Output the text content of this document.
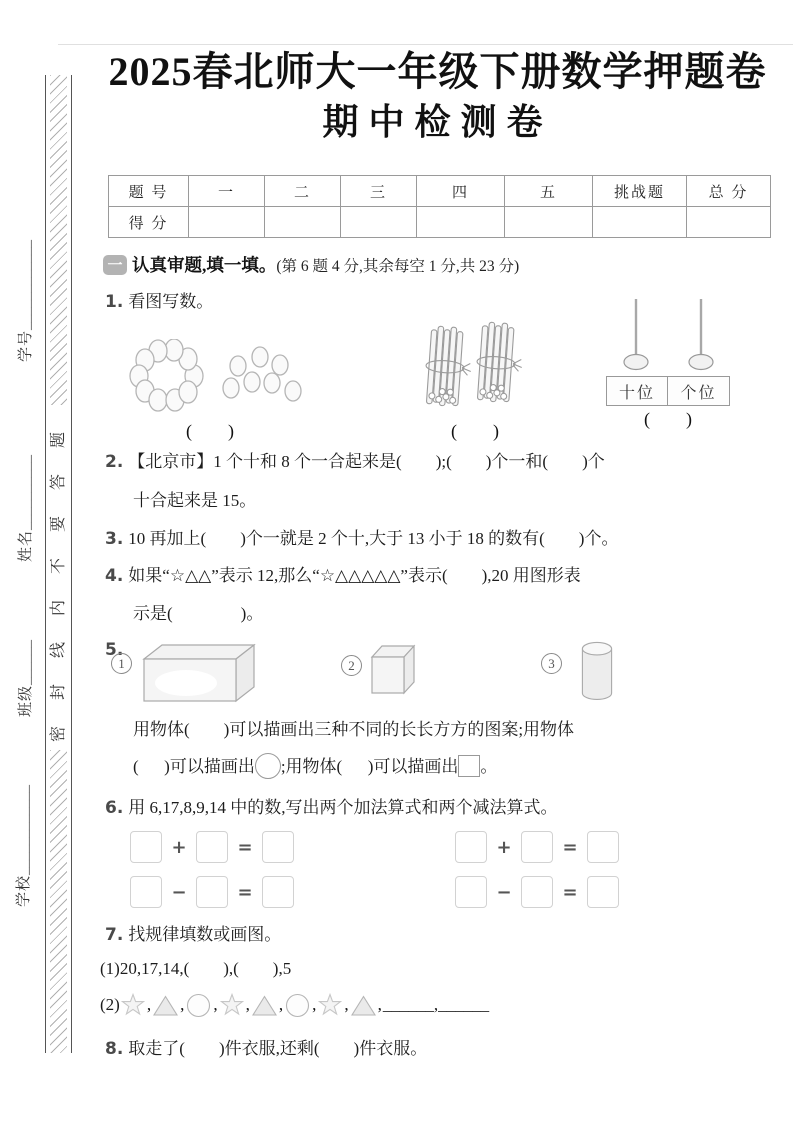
学号____________
姓名__________
班级______
学校____________
密封线内不要答题
2025春北师大一年级下册数学押题卷
期中检测卷
题 号	一	二	三	四	五	挑战题	总 分
得 分							
一 认真审题,填一填。 (第 6 题 4 分,其余每空 1 分,共 23 分)
1. 看图写数。
(        )	(        )
十位	个位
(        )
2. 【北京市】1 个十和 8 个一合起来是(        );(        )个一和(        )个
十合起来是 15。
3. 10 再加上(        )个一就是 2 个十,大于 13 小于 18 的数有(        )个。
4. 如果“☆△△”表示 12,那么“☆△△△△△”表示(        ),20 用图形表
示是(                )。
5.
1	2	3
用物体(        )可以描画出三种不同的长长方方的图案;用物体
(      )可以描画出 ;用物体(      )可以描画出 。
6. 用 6,17,8,9,14 中的数,写出两个加法算式和两个减法算式。
+	=	+	=
−	=	−	=
7. 找规律填数或画图。
(1)20,17,14,(        ),(        ),5
(2) , , , , , , , , ______,______
8. 取走了(        )件衣服,还剩(        )件衣服。
